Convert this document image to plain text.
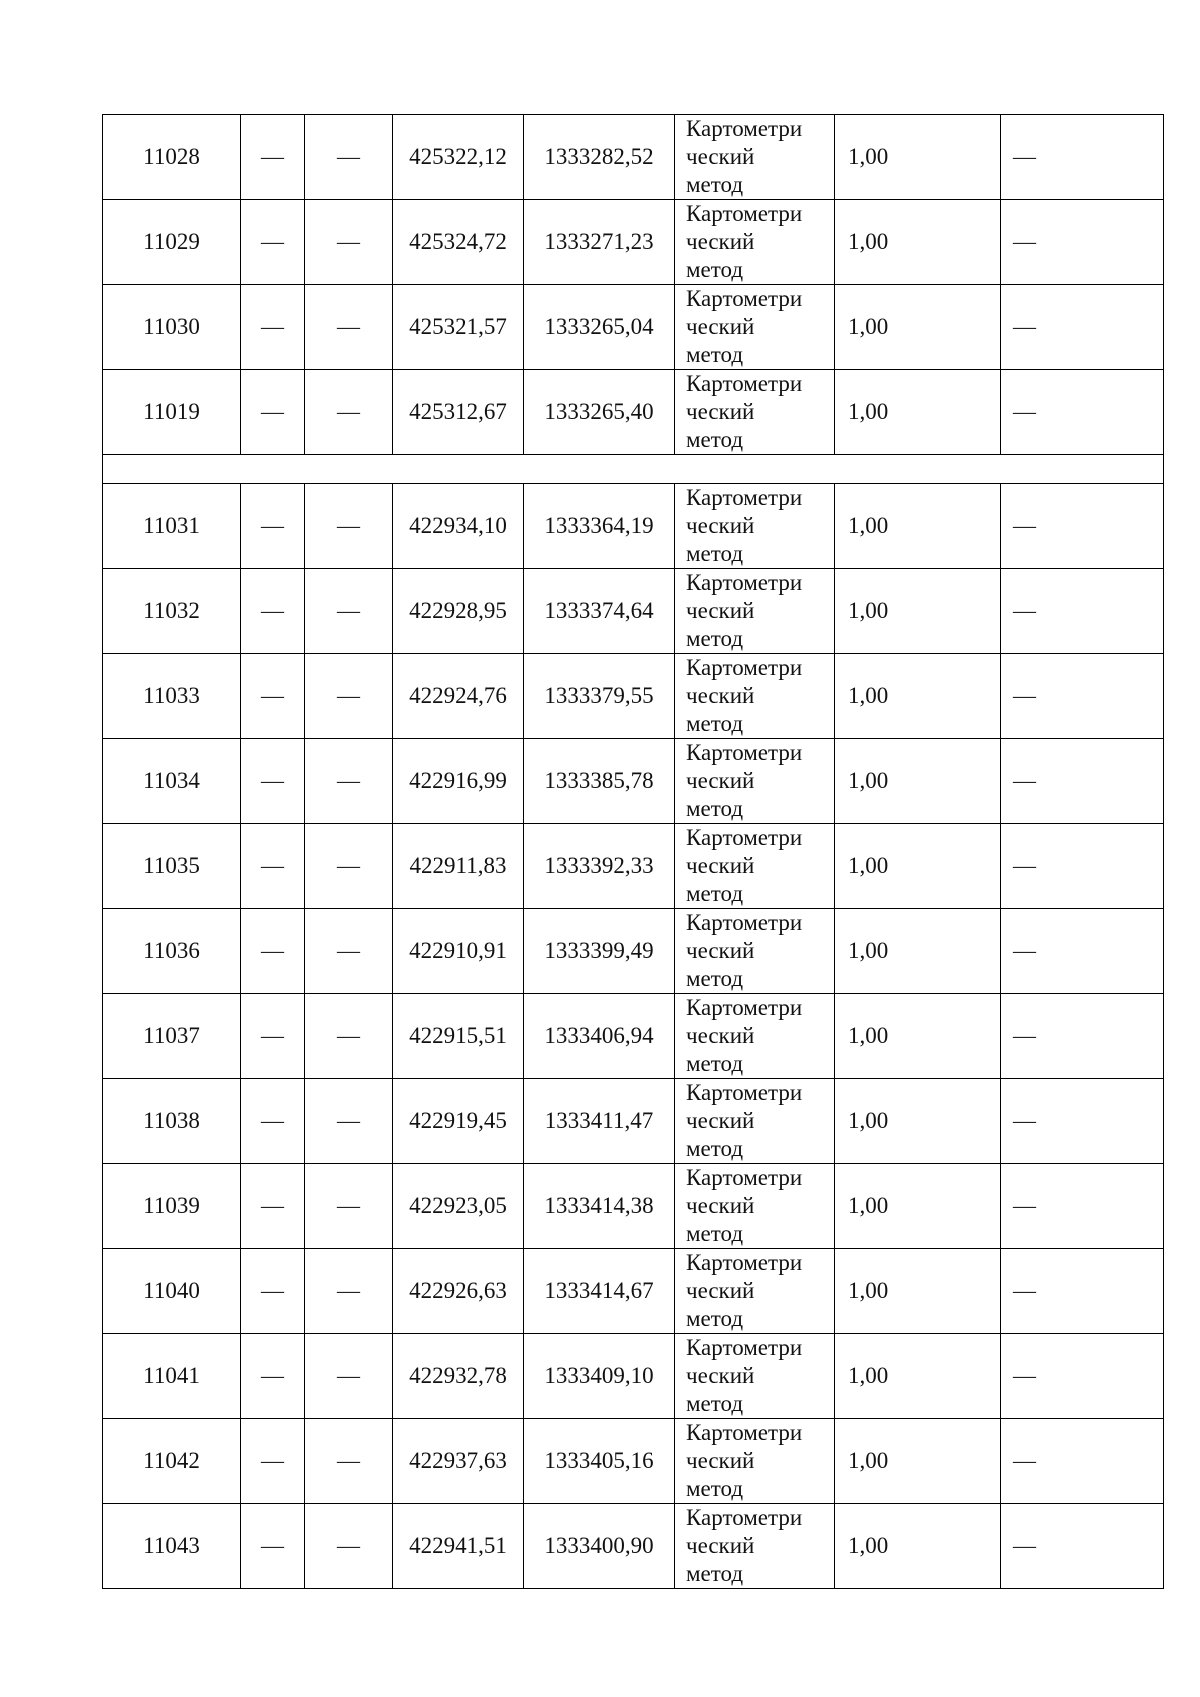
11028	—	—	425322,12	1333282,52	Картометри
ческий
метод	1,00	—
11029	—	—	425324,72	1333271,23	Картометри
ческий
метод	1,00	—
11030	—	—	425321,57	1333265,04	Картометри
ческий
метод	1,00	—
11019	—	—	425312,67	1333265,40	Картометри
ческий
метод	1,00	—

11031	—	—	422934,10	1333364,19	Картометри
ческий
метод	1,00	—
11032	—	—	422928,95	1333374,64	Картометри
ческий
метод	1,00	—
11033	—	—	422924,76	1333379,55	Картометри
ческий
метод	1,00	—
11034	—	—	422916,99	1333385,78	Картометри
ческий
метод	1,00	—
11035	—	—	422911,83	1333392,33	Картометри
ческий
метод	1,00	—
11036	—	—	422910,91	1333399,49	Картометри
ческий
метод	1,00	—
11037	—	—	422915,51	1333406,94	Картометри
ческий
метод	1,00	—
11038	—	—	422919,45	1333411,47	Картометри
ческий
метод	1,00	—
11039	—	—	422923,05	1333414,38	Картометри
ческий
метод	1,00	—
11040	—	—	422926,63	1333414,67	Картометри
ческий
метод	1,00	—
11041	—	—	422932,78	1333409,10	Картометри
ческий
метод	1,00	—
11042	—	—	422937,63	1333405,16	Картометри
ческий
метод	1,00	—
11043	—	—	422941,51	1333400,90	Картометри
ческий
метод	1,00	—
